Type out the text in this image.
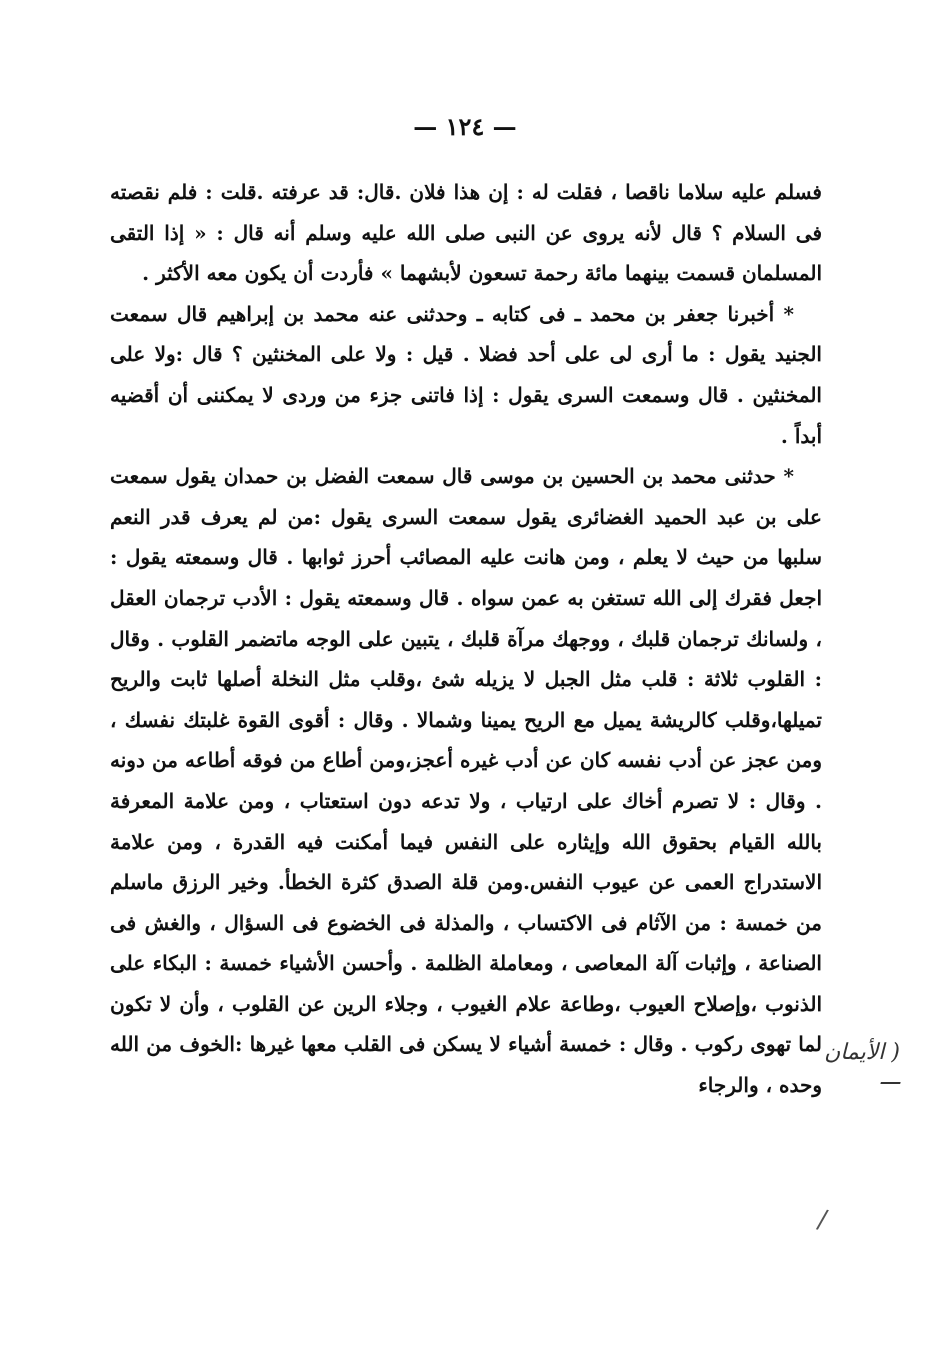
— ١٢٤ —

فسلم عليه سلاما ناقصا ، فقلت له : إن هذا فلان .قال: قد عرفته .قلت : فلم نقصته فى السلام ؟ قال لأنه يروى عن النبى صلى الله عليه وسلم أنه قال : « إذا التقى المسلمان قسمت بينهما مائة رحمة تسعون لأبشهما » فأردت أن يكون معه الأكثر .

* أخبرنا جعفر بن محمد ـ فى كتابه ـ وحدثنى عنه محمد بن إبراهيم قال سمعت الجنيد يقول : ما أرى لى على أحد فضلا . قيل : ولا على المخنثين ؟ قال :ولا على المخنثين . قال وسمعت السرى يقول : إذا فاتنى جزء من وردى لا يمكننى أن أقضيه أبداً .

* حدثنى محمد بن الحسين بن موسى قال سمعت الفضل بن حمدان يقول سمعت على بن عبد الحميد الغضائرى يقول سمعت السرى يقول :من لم يعرف قدر النعم سلبها من حيث لا يعلم ، ومن هانت عليه المصائب أحرز ثوابها . قال وسمعته يقول : اجعل فقرك إلى الله تستغن به عمن سواه . قال وسمعته يقول : الأدب ترجمان العقل ، ولسانك ترجمان قلبك ، ووجهك مرآة قلبك ، يتبين على الوجه ماتضمر القلوب . وقال : القلوب ثلاثة : قلب مثل الجبل لا يزيله شئ ،وقلب مثل النخلة أصلها ثابت والريح تميلها،وقلب كالريشة يميل مع الريح يمينا وشمالا . وقال : أقوى القوة غلبتك نفسك ، ومن عجز عن أدب نفسه كان عن أدب غيره أعجز،ومن أطاع من فوقه أطاعه من دونه . وقال : لا تصرم أخاك على ارتياب ، ولا تدعه دون استعتاب ، ومن علامة المعرفة بالله القيام بحقوق الله وإيثاره على النفس فيما أمكنت فيه القدرة ، ومن علامة الاستدراج العمى عن عيوب النفس.ومن قلة الصدق كثرة الخطأ. وخير الرزق ماسلم من خمسة : من الآثام فى الاكتساب ، والمذلة فى الخضوع فى السؤال ، والغش فى الصناعة ، وإثبات آلة المعاصى ، ومعاملة الظلمة . وأحسن الأشياء خمسة : البكاء على الذنوب ،وإصلاح العيوب ،وطاعة علام الغيوب ، وجلاء الرين عن القلوب ، وأن لا تكون لما تهوى ركوب . وقال : خمسة أشياء لا يسكن فى القلب معها غيرها :الخوف من الله وحده ، والرجاء

( الأيمان ـــ
/
